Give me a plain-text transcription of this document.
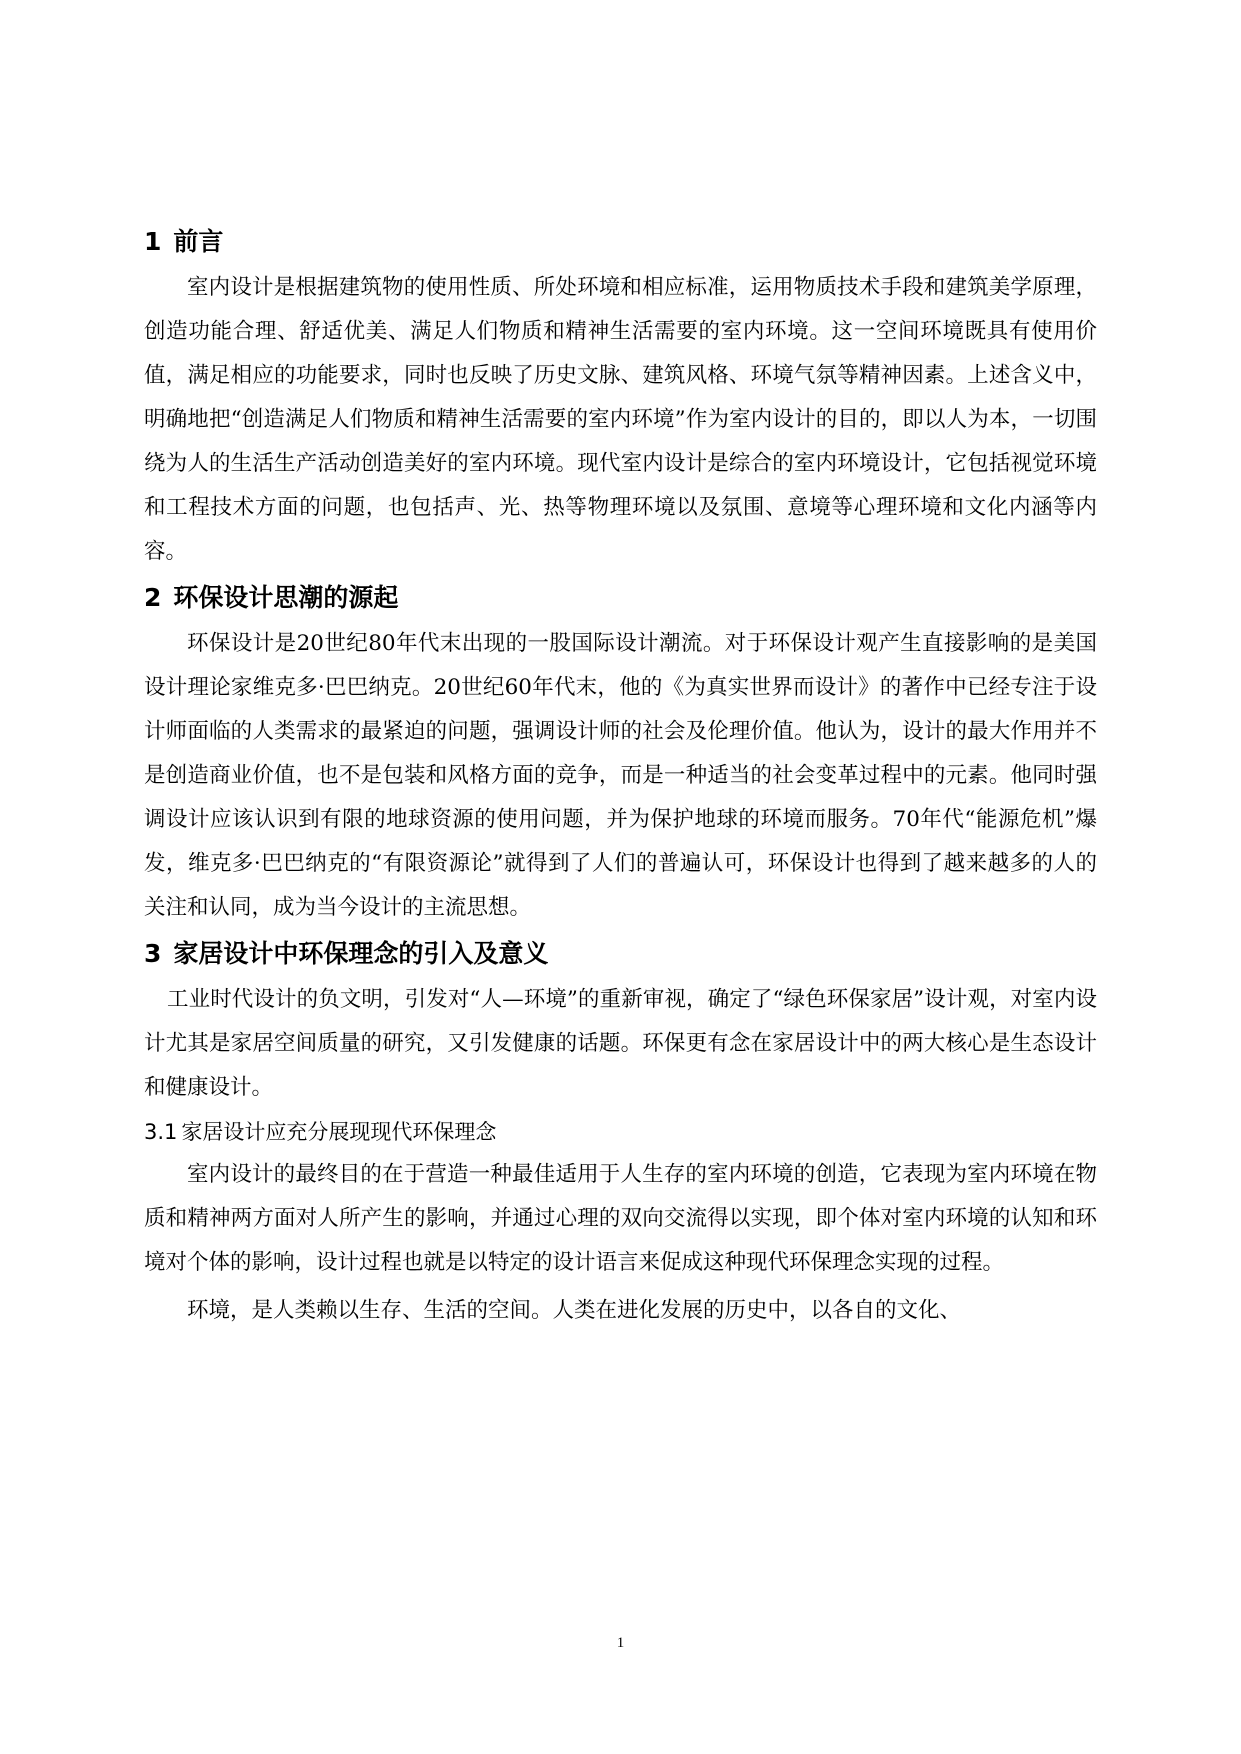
1 前言

室内设计是根据建筑物的使用性质、所处环境和相应标准，运用物质技术手段和建筑美学原理，创造功能合理、舒适优美、满足人们物质和精神生活需要的室内环境。这一空间环境既具有使用价值，满足相应的功能要求，同时也反映了历史文脉、建筑风格、环境气氛等精神因素。上述含义中，明确地把“创造满足人们物质和精神生活需要的室内环境”作为室内设计的目的，即以人为本，一切围绕为人的生活生产活动创造美好的室内环境。现代室内设计是综合的室内环境设计，它包括视觉环境和工程技术方面的问题，也包括声、光、热等物理环境以及氛围、意境等心理环境和文化内涵等内容。

2 环保设计思潮的源起

环保设计是20世纪80年代末出现的一股国际设计潮流。对于环保设计观产生直接影响的是美国设计理论家维克多·巴巴纳克。20世纪60年代末，他的《为真实世界而设计》的著作中已经专注于设计师面临的人类需求的最紧迫的问题，强调设计师的社会及伦理价值。他认为，设计的最大作用并不是创造商业价值，也不是包装和风格方面的竞争，而是一种适当的社会变革过程中的元素。他同时强调设计应该认识到有限的地球资源的使用问题，并为保护地球的环境而服务。70年代“能源危机”爆发，维克多·巴巴纳克的“有限资源论”就得到了人们的普遍认可，环保设计也得到了越来越多的人的关注和认同，成为当今设计的主流思想。

3 家居设计中环保理念的引入及意义

工业时代设计的负文明，引发对“人—环境”的重新审视，确定了“绿色环保家居”设计观，对室内设计尤其是家居空间质量的研究，又引发健康的话题。环保更有念在家居设计中的两大核心是生态设计和健康设计。

3.1 家居设计应充分展现现代环保理念

室内设计的最终目的在于营造一种最佳适用于人生存的室内环境的创造，它表现为室内环境在物质和精神两方面对人所产生的影响，并通过心理的双向交流得以实现，即个体对室内环境的认知和环境对个体的影响，设计过程也就是以特定的设计语言来促成这种现代环保理念实现的过程。

环境，是人类赖以生存、生活的空间。人类在进化发展的历史中，以各自的文化、

1
